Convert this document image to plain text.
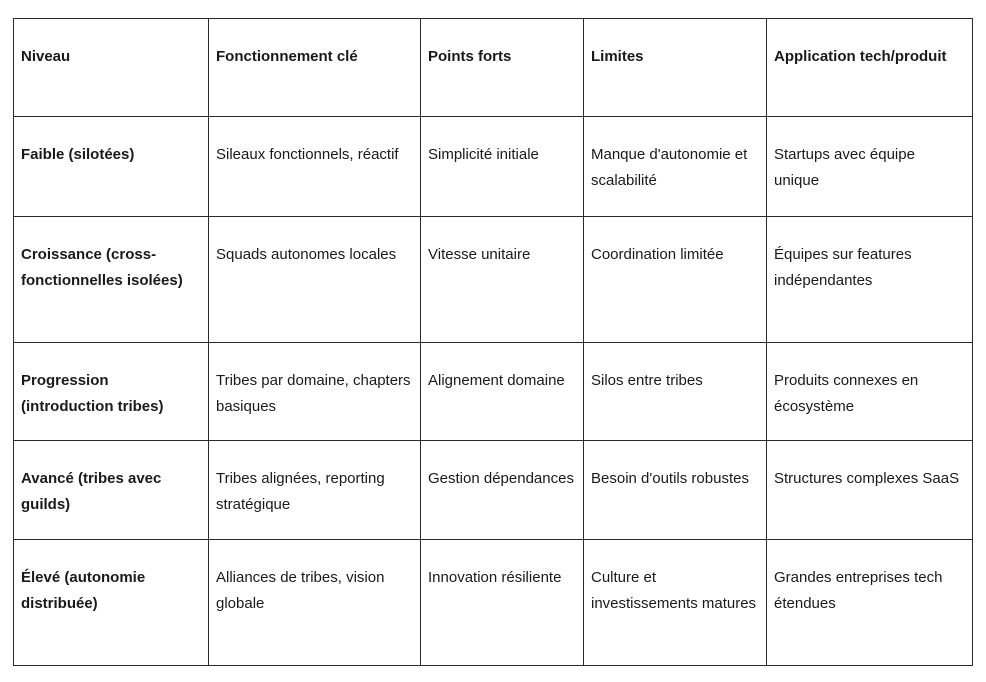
Niveau	Fonctionnement clé	Points forts	Limites	Application tech/produit
Faible (silotées)	Sileaux fonctionnels, réactif	Simplicité initiale	Manque d'autonomie et scalabilité	Startups avec équipe unique
Croissance (cross-fonctionnelles isolées)	Squads autonomes locales	Vitesse unitaire	Coordination limitée	Équipes sur features indépendantes
Progression (introduction tribes)	Tribes par domaine, chapters basiques	Alignement domaine	Silos entre tribes	Produits connexes en écosystème
Avancé (tribes avec guilds)	Tribes alignées, reporting stratégique	Gestion dépendances	Besoin d'outils robustes	Structures complexes SaaS
Élevé (autonomie distribuée)	Alliances de tribes, vision globale	Innovation résiliente	Culture et investissements matures	Grandes entreprises tech étendues
